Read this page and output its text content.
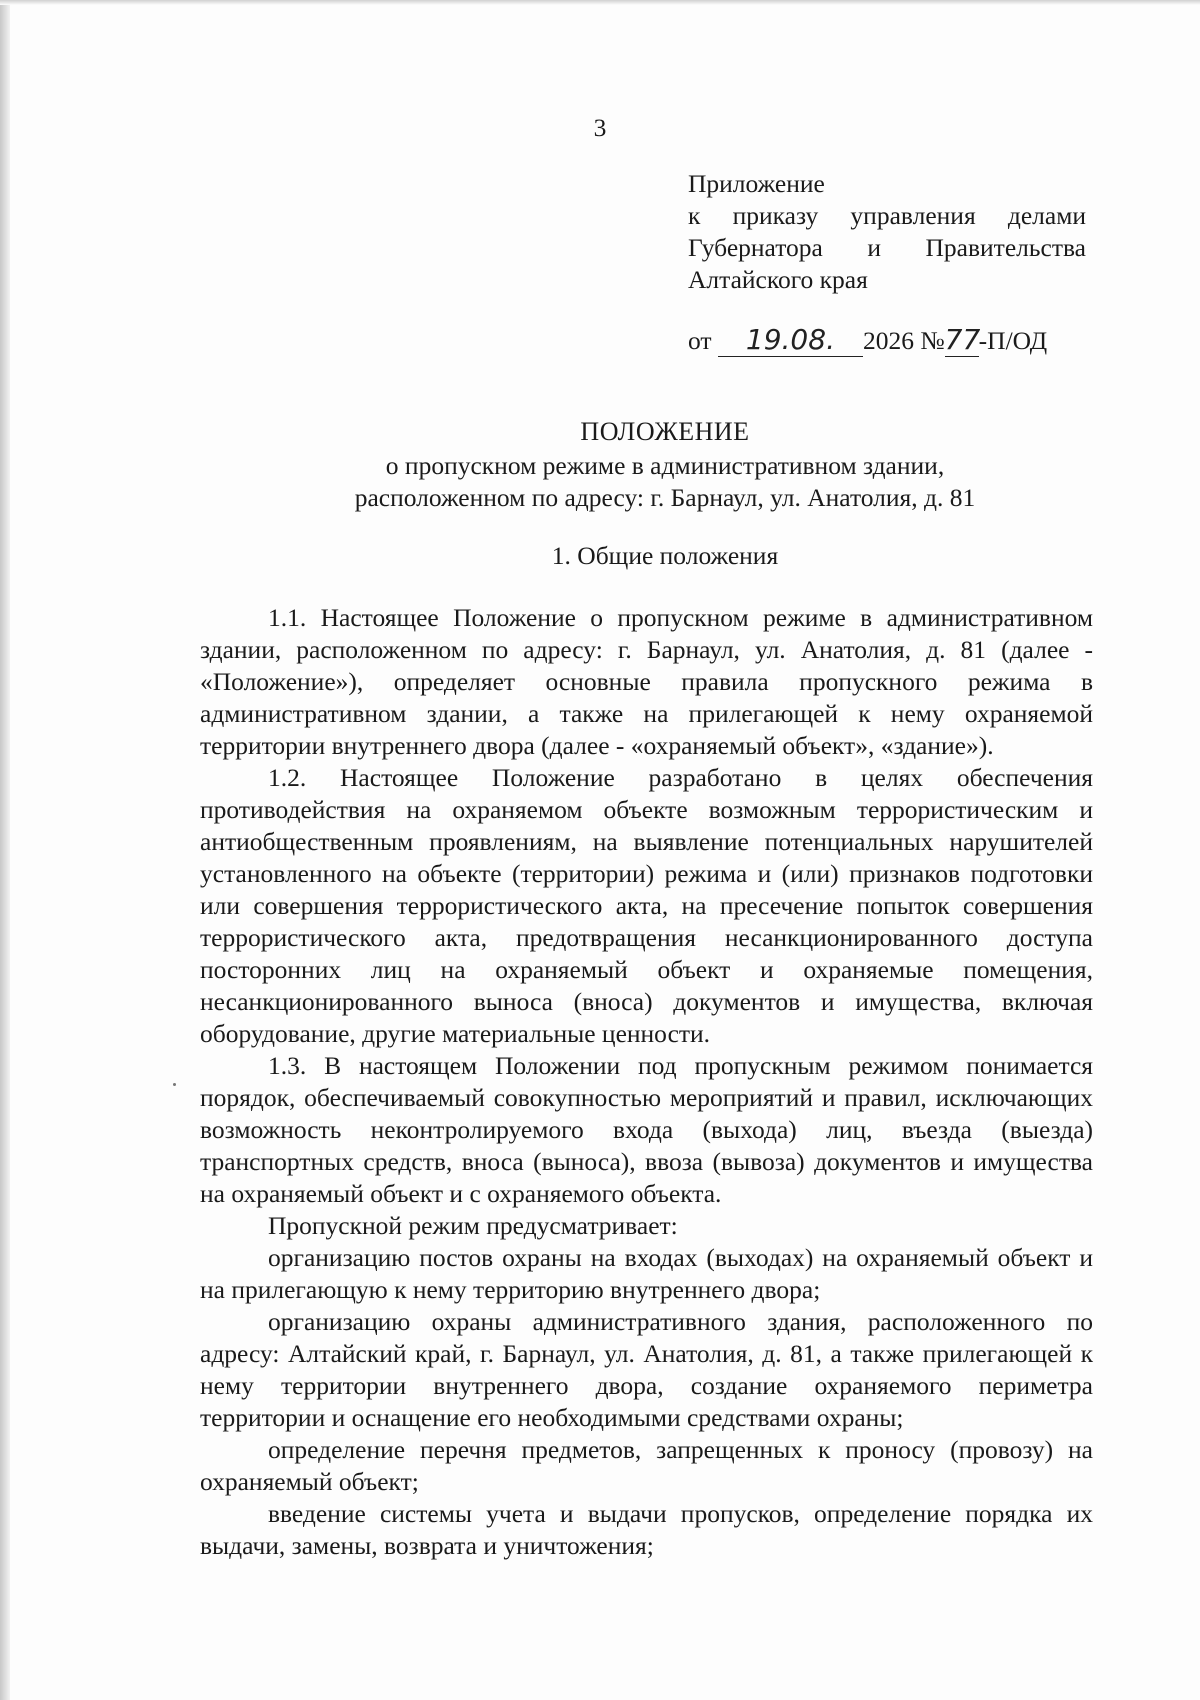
3
Приложение
к приказу управления делами
Губернатора и Правительства
Алтайского края
от 19.08. 2026 №77-П/ОД
ПОЛОЖЕНИЕ
о пропускном режиме в административном здании,
расположенном по адресу: г. Барнаул, ул. Анатолия, д. 81
1. Общие положения

1.1. Настоящее Положение о пропускном режиме в административном здании, расположенном по адресу: г. Барнаул, ул. Анатолия, д. 81 (далее - «Положение»), определяет основные правила пропускного режима в административном здании, а также на прилегающей к нему охраняемой территории внутреннего двора (далее - «охраняемый объект», «здание»).

1.2. Настоящее Положение разработано в целях обеспечения противодействия на охраняемом объекте возможным террористическим и антиобщественным проявлениям, на выявление потенциальных нарушителей установленного на объекте (территории) режима и (или) признаков подготовки или совершения террористического акта, на пресечение попыток совершения террористического акта, предотвращения несанкционированного доступа посторонних лиц на охраняемый объект и охраняемые помещения, несанкционированного выноса (вноса) документов и имущества, включая оборудование, другие материальные ценности.

1.3. В настоящем Положении под пропускным режимом понимается порядок, обеспечиваемый совокупностью мероприятий и правил, исключающих возможность неконтролируемого входа (выхода) лиц, въезда (выезда) транспортных средств, вноса (выноса), ввоза (вывоза) документов и имущества на охраняемый объект и с охраняемого объекта.

Пропускной режим предусматривает:

организацию постов охраны на входах (выходах) на охраняемый объект и на прилегающую к нему территорию внутреннего двора;

организацию охраны административного здания, расположенного по адресу: Алтайский край, г. Барнаул, ул. Анатолия, д. 81, а также прилегающей к нему территории внутреннего двора, создание охраняемого периметра территории и оснащение его необходимыми средствами охраны;

определение перечня предметов, запрещенных к проносу (провозу) на охраняемый объект;

введение системы учета и выдачи пропусков, определение порядка их выдачи, замены, возврата и уничтожения;
